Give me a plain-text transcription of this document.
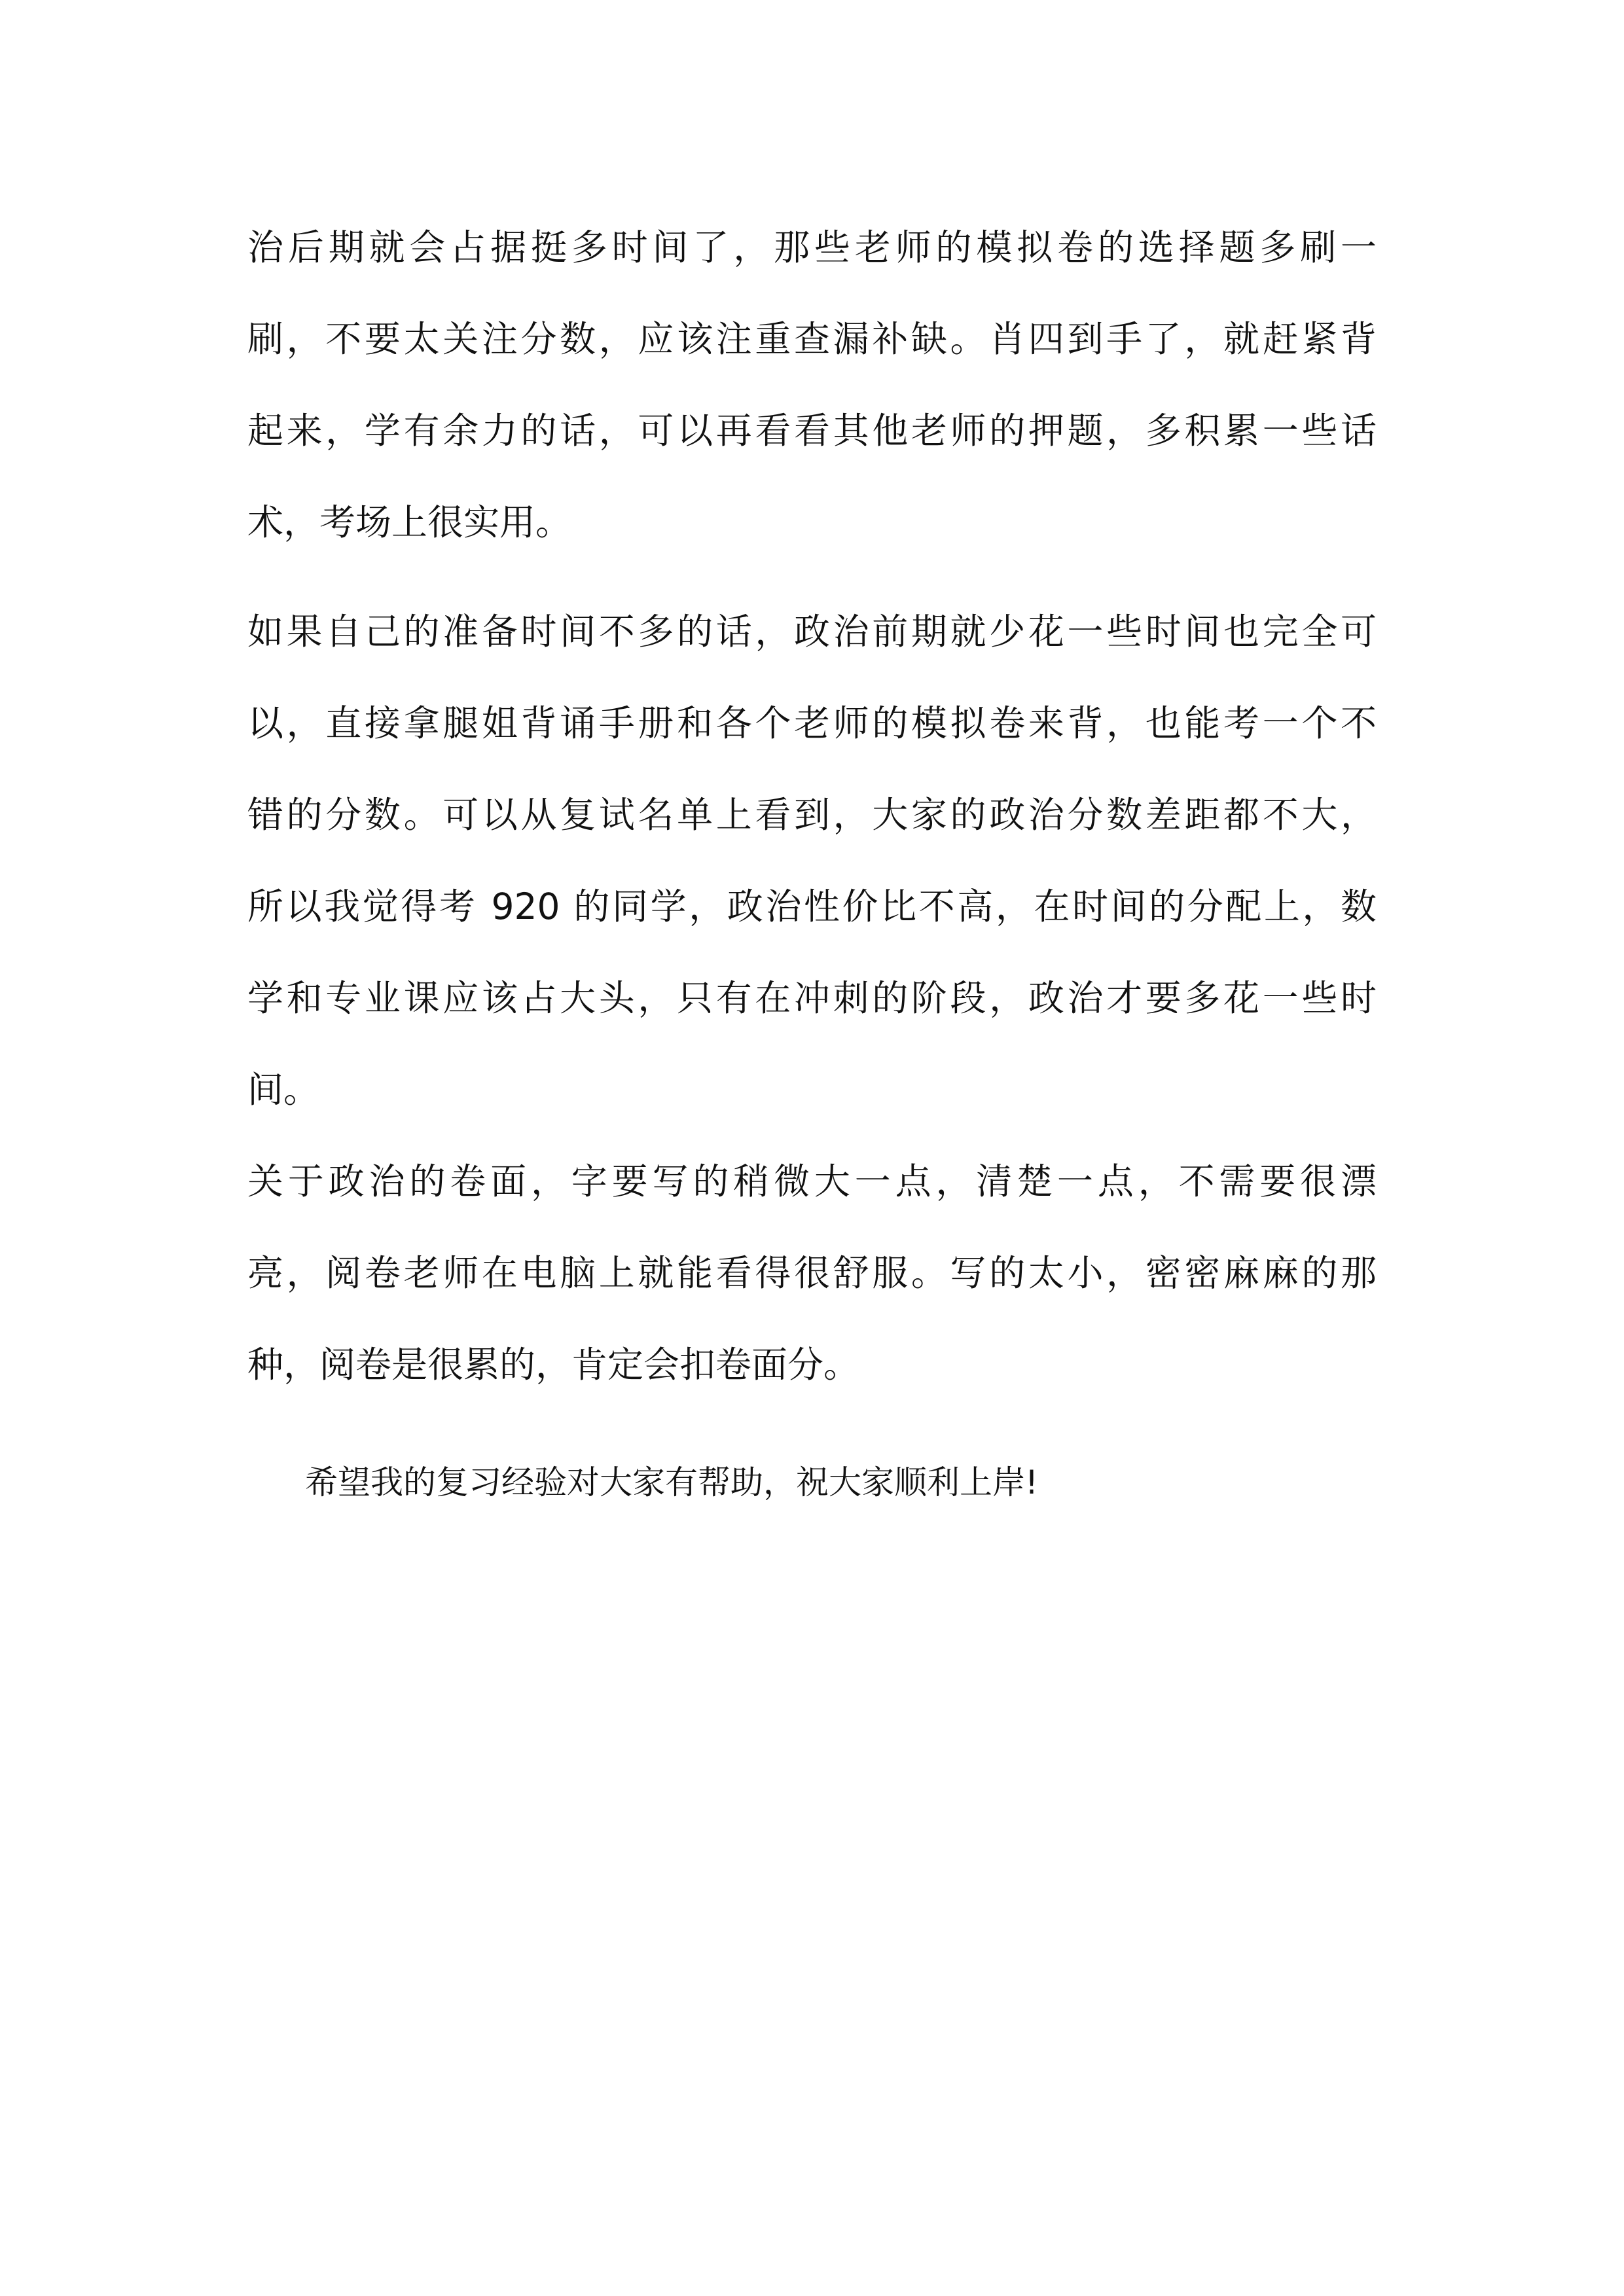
治后期就会占据挺多时间了，那些老师的模拟卷的选择题多刷一
刷，不要太关注分数，应该注重查漏补缺。肖四到手了，就赶紧背
起来，学有余力的话，可以再看看其他老师的押题，多积累一些话
术，考场上很实用。
如果自己的准备时间不多的话，政治前期就少花一些时间也完全可
以，直接拿腿姐背诵手册和各个老师的模拟卷来背，也能考一个不
错的分数。可以从复试名单上看到，大家的政治分数差距都不大，
所以我觉得考 920 的同学，政治性价比不高，在时间的分配上，数
学和专业课应该占大头，只有在冲刺的阶段，政治才要多花一些时
间。
关于政治的卷面，字要写的稍微大一点，清楚一点，不需要很漂
亮，阅卷老师在电脑上就能看得很舒服。写的太小，密密麻麻的那
种，阅卷是很累的，肯定会扣卷面分。
希望我的复习经验对大家有帮助，祝大家顺利上岸!
